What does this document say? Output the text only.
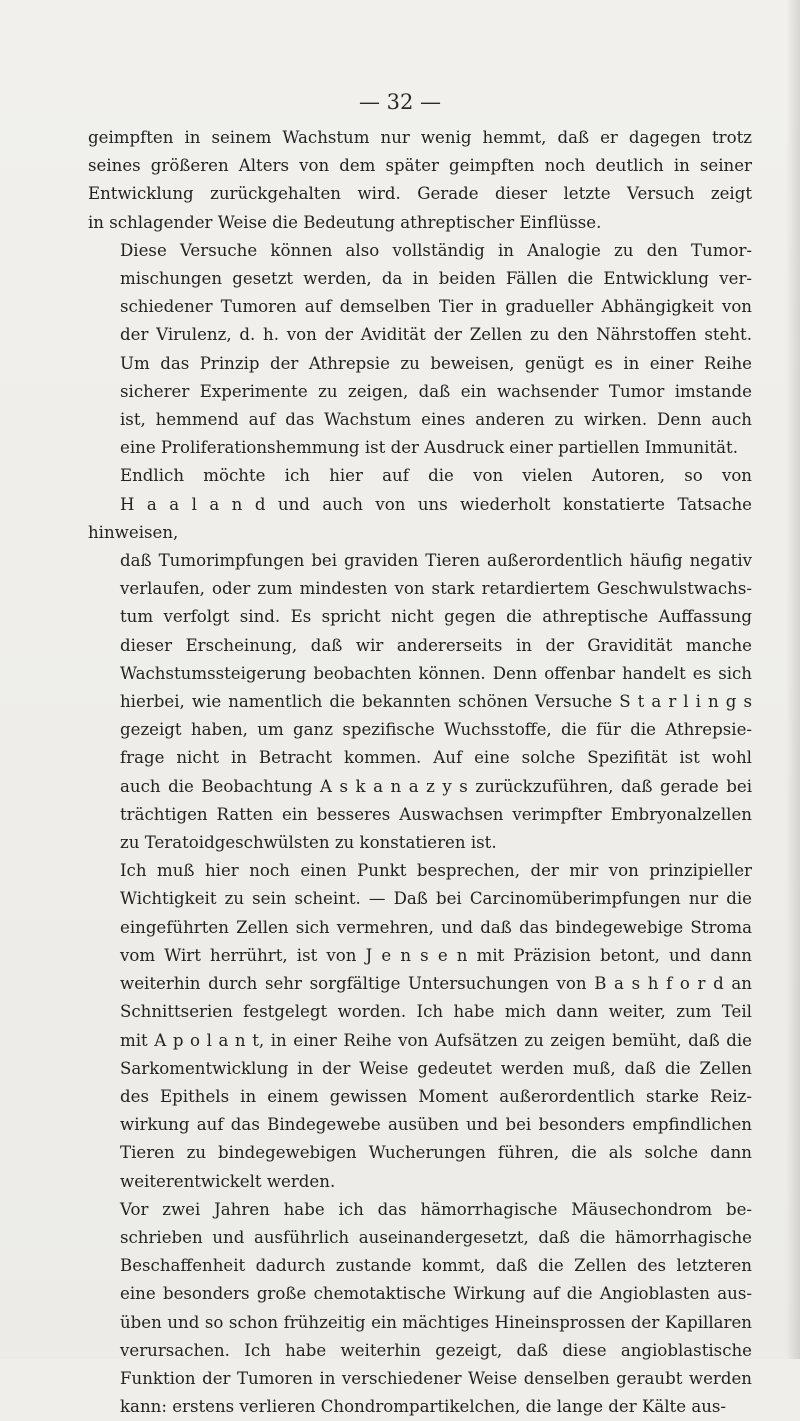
— 32 —

geimpften in seinem Wachstum nur wenig hemmt, daß er dagegen trotz
seines größeren Alters von dem später geimpften noch deutlich in seiner
Entwicklung zurückgehalten wird. Gerade dieser letzte Versuch zeigt
in schlagender Weise die Bedeutung athreptischer Einflüsse.

Diese Versuche können also vollständig in Analogie zu den Tumor-
mischungen gesetzt werden, da in beiden Fällen die Entwicklung ver-
schiedener Tumoren auf demselben Tier in gradueller Abhängigkeit von
der Virulenz, d. h. von der Avidität der Zellen zu den Nährstoffen steht.
Um das Prinzip der Athrepsie zu beweisen, genügt es in einer Reihe
sicherer Experimente zu zeigen, daß ein wachsender Tumor imstande
ist, hemmend auf das Wachstum eines anderen zu wirken. Denn auch
eine Proliferationshemmung ist der Ausdruck einer partiellen Immunität.

Endlich möchte ich hier auf die von vielen Autoren, so von
H a a l a n d und auch von uns wiederholt konstatierte Tatsache hinweisen,
daß Tumorimpfungen bei graviden Tieren außerordentlich häufig negativ
verlaufen, oder zum mindesten von stark retardiertem Geschwulstwachs-
tum verfolgt sind. Es spricht nicht gegen die athreptische Auffassung
dieser Erscheinung, daß wir andererseits in der Gravidität manche
Wachstumssteigerung beobachten können. Denn offenbar handelt es sich
hierbei, wie namentlich die bekannten schönen Versuche S t a r l i n g s
gezeigt haben, um ganz spezifische Wuchsstoffe, die für die Athrepsie-
frage nicht in Betracht kommen. Auf eine solche Spezifität ist wohl
auch die Beobachtung A s k a n a z y s zurückzuführen, daß gerade bei
trächtigen Ratten ein besseres Auswachsen verimpfter Embryonalzellen
zu Teratoidgeschwülsten zu konstatieren ist.

Ich muß hier noch einen Punkt besprechen, der mir von prinzipieller
Wichtigkeit zu sein scheint. — Daß bei Carcinomüberimpfungen nur die
eingeführten Zellen sich vermehren, und daß das bindegewebige Stroma
vom Wirt herrührt, ist von J e n s e n mit Präzision betont, und dann
weiterhin durch sehr sorgfältige Untersuchungen von B a s h f o r d an
Schnittserien festgelegt worden. Ich habe mich dann weiter, zum Teil
mit A p o l a n t, in einer Reihe von Aufsätzen zu zeigen bemüht, daß die
Sarkomentwicklung in der Weise gedeutet werden muß, daß die Zellen
des Epithels in einem gewissen Moment außerordentlich starke Reiz-
wirkung auf das Bindegewebe ausüben und bei besonders empfindlichen
Tieren zu bindegewebigen Wucherungen führen, die als solche dann
weiterentwickelt werden.

Vor zwei Jahren habe ich das hämorrhagische Mäusechondrom be-
schrieben und ausführlich auseinandergesetzt, daß die hämorrhagische
Beschaffenheit dadurch zustande kommt, daß die Zellen des letzteren
eine besonders große chemotaktische Wirkung auf die Angioblasten aus-
üben und so schon frühzeitig ein mächtiges Hineinsprossen der Kapillaren
verursachen. Ich habe weiterhin gezeigt, daß diese angioblastische
Funktion der Tumoren in verschiedener Weise denselben geraubt werden
kann: erstens verlieren Chondrompartikelchen, die lange der Kälte aus-
